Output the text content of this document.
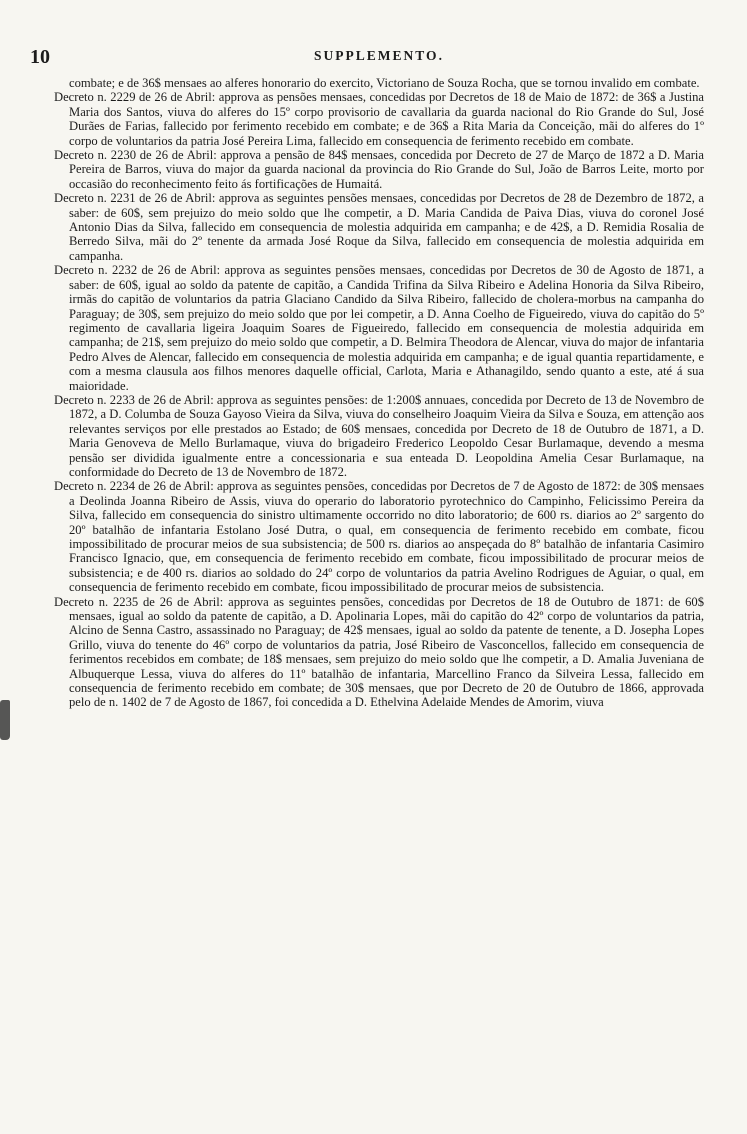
10	SUPPLEMENTO.

combate; e de 36$ mensaes ao alferes honorario do exercito, Victoriano de Souza Rocha, que se tornou invalido em combate.

Decreto n. 2229 de 26 de Abril: approva as pensões mensaes, concedidas por Decretos de 18 de Maio de 1872: de 36$ a Justina Maria dos Santos, viuva do alferes do 15º corpo provisorio de cavallaria da guarda nacional do Rio Grande do Sul, José Durães de Farias, fallecido por ferimento recebido em combate; e de 36$ a Rita Maria da Conceição, mãi do alferes do 1º corpo de voluntarios da patria José Pereira Lima, fallecido em consequencia de ferimento recebido em combate.

Decreto n. 2230 de 26 de Abril: approva a pensão de 84$ mensaes, concedida por Decreto de 27 de Março de 1872 a D. Maria Pereira de Barros, viuva do major da guarda nacional da provincia do Rio Grande do Sul, João de Barros Leite, morto por occasião do reconhecimento feito ás fortificações de Humaitá.

Decreto n. 2231 de 26 de Abril: approva as seguintes pensões mensaes, concedidas por Decretos de 28 de Dezembro de 1872, a saber: de 60$, sem prejuizo do meio soldo que lhe competir, a D. Maria Candida de Paiva Dias, viuva do coronel José Antonio Dias da Silva, fallecido em consequencia de molestia adquirida em campanha; e de 42$, a D. Remidia Rosalia de Berredo Silva, mãi do 2º tenente da armada José Roque da Silva, fallecido em consequencia de molestia adquirida em campanha.

Decreto n. 2232 de 26 de Abril: approva as seguintes pensões mensaes, concedidas por Decretos de 30 de Agosto de 1871, a saber: de 60$, igual ao soldo da patente de capitão, a Candida Trifina da Silva Ribeiro e Adelina Honoria da Silva Ribeiro, irmãs do capitão de voluntarios da patria Glaciano Candido da Silva Ribeiro, fallecido de cholera-morbus na campanha do Paraguay; de 30$, sem prejuizo do meio soldo que por lei competir, a D. Anna Coelho de Figueiredo, viuva do capitão do 5º regimento de cavallaria ligeira Joaquim Soares de Figueiredo, fallecido em consequencia de molestia adquirida em campanha; de 21$, sem prejuizo do meio soldo que competir, a D. Belmira Theodora de Alencar, viuva do major de infantaria Pedro Alves de Alencar, fallecido em consequencia de molestia adquirida em campanha; e de igual quantia repartidamente, e com a mesma clausula aos filhos menores daquelle official, Carlota, Maria e Athanagildo, sendo quanto a este, até á sua maioridade.

Decreto n. 2233 de 26 de Abril: approva as seguintes pensões: de 1:200$ annuaes, concedida por Decreto de 13 de Novembro de 1872, a D. Columba de Souza Gayoso Vieira da Silva, viuva do conselheiro Joaquim Vieira da Silva e Souza, em attenção aos relevantes serviços por elle prestados ao Estado; de 60$ mensaes, concedida por Decreto de 18 de Outubro de 1871, a D. Maria Genoveva de Mello Burlamaque, viuva do brigadeiro Frederico Leopoldo Cesar Burlamaque, devendo a mesma pensão ser dividida igualmente entre a concessionaria e sua enteada D. Leopoldina Amelia Cesar Burlamaque, na conformidade do Decreto de 13 de Novembro de 1872.

Decreto n. 2234 de 26 de Abril: approva as seguintes pensões, concedidas por Decretos de 7 de Agosto de 1872: de 30$ mensaes a Deolinda Joanna Ribeiro de Assis, viuva do operario do laboratorio pyrotechnico do Campinho, Felicissimo Pereira da Silva, fallecido em consequencia do sinistro ultimamente occorrido no dito laboratorio; de 600 rs. diarios ao 2º sargento do 20º batalhão de infantaria Estolano José Dutra, o qual, em consequencia de ferimento recebido em combate, ficou impossibilitado de procurar meios de sua subsistencia; de 500 rs. diarios ao anspeçada do 8º batalhão de infantaria Casimiro Francisco Ignacio, que, em consequencia de ferimento recebido em combate, ficou impossibilitado de procurar meios de subsistencia; e de 400 rs. diarios ao soldado do 24º corpo de voluntarios da patria Avelino Rodrigues de Aguiar, o qual, em consequencia de ferimento recebido em combate, ficou impossibilitado de procurar meios de subsistencia.

Decreto n. 2235 de 26 de Abril: approva as seguintes pensões, concedidas por Decretos de 18 de Outubro de 1871: de 60$ mensaes, igual ao soldo da patente de capitão, a D. Apolinaria Lopes, mãi do capitão do 42º corpo de voluntarios da patria, Alcino de Senna Castro, assassinado no Paraguay; de 42$ mensaes, igual ao soldo da patente de tenente, a D. Josepha Lopes Grillo, viuva do tenente do 46º corpo de voluntarios da patria, José Ribeiro de Vasconcellos, fallecido em consequencia de ferimentos recebidos em combate; de 18$ mensaes, sem prejuizo do meio soldo que lhe competir, a D. Amalia Juveniana de Albuquerque Lessa, viuva do alferes do 11º batalhão de infantaria, Marcellino Franco da Silveira Lessa, fallecido em consequencia de ferimento recebido em combate; de 30$ mensaes, que por Decreto de 20 de Outubro de 1866, approvada pelo de n. 1402 de 7 de Agosto de 1867, foi concedida a D. Ethelvina Adelaide Mendes de Amorim, viuva
